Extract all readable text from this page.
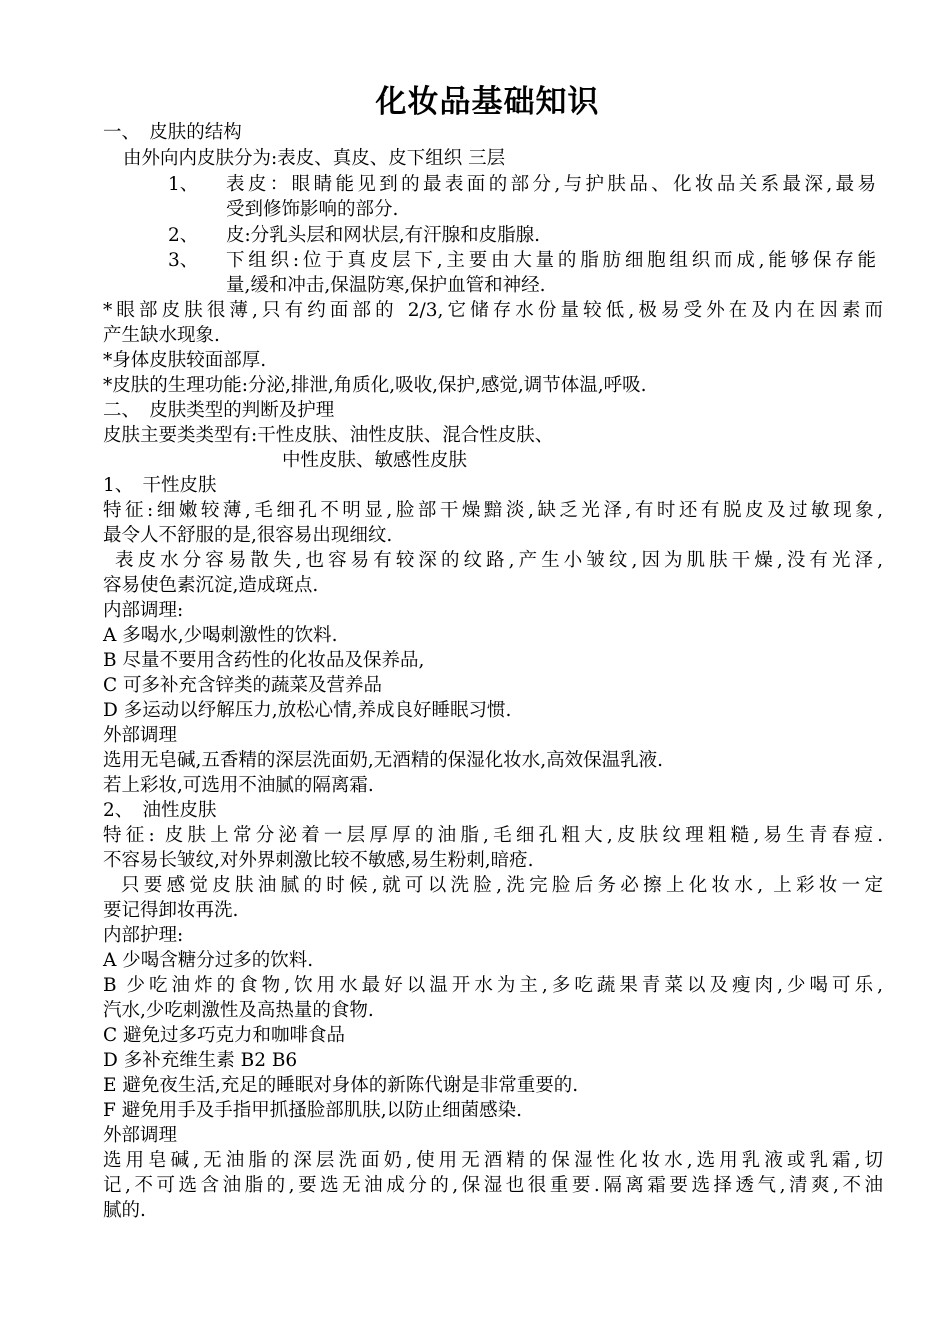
化妆品基础知识
一、　皮肤的结构
由外向内皮肤分为:表皮、真皮、皮下组织 三层
1、	表皮：眼睛能见到的最表面的部分,与护肤品、化妆品关系最深,最易
受到修饰影响的部分.
2、	皮:分乳头层和网状层,有汗腺和皮脂腺.
3、	下组织:位于真皮层下,主要由大量的脂肪细胞组织而成,能够保存能
量,缓和冲击,保温防寒,保护血管和神经.
*眼部皮肤很薄,只有约面部的 2/3,它储存水份量较低,极易受外在及内在因素而
产生缺水现象.
*身体皮肤较面部厚.
*皮肤的生理功能:分泌,排泄,角质化,吸收,保护,感觉,调节体温,呼吸.
二、　皮肤类型的判断及护理
皮肤主要类类型有:干性皮肤、油性皮肤、混合性皮肤、
中性皮肤、敏感性皮肤
1、　干性皮肤
特征:细嫩较薄,毛细孔不明显,脸部干燥黯淡,缺乏光泽,有时还有脱皮及过敏现象,
最令人不舒服的是,很容易出现细纹.
表皮水分容易散失,也容易有较深的纹路,产生小皱纹,因为肌肤干燥,没有光泽,
容易使色素沉淀,造成斑点.
内部调理:
A 多喝水,少喝刺激性的饮料.
B 尽量不要用含药性的化妆品及保养品,
C 可多补充含锌类的蔬菜及营养品
D 多运动以纾解压力,放松心情,养成良好睡眠习惯.
外部调理
选用无皂碱,五香精的深层洗面奶,无酒精的保湿化妆水,高效保温乳液.
若上彩妆,可选用不油腻的隔离霜.
2、　油性皮肤
特征: 皮肤上常分泌着一层厚厚的油脂,毛细孔粗大,皮肤纹理粗糙,易生青春痘.
不容易长皱纹,对外界刺激比较不敏感,易生粉刺,暗疮.
只要感觉皮肤油腻的时候,就可以洗脸,洗完脸后务必擦上化妆水, 上彩妆一定
要记得卸妆再洗.
内部护理:
A 少喝含糖分过多的饮料.
B 少吃油炸的食物,饮用水最好以温开水为主,多吃蔬果青菜以及瘦肉,少喝可乐,
汽水,少吃刺激性及高热量的食物.
C 避免过多巧克力和咖啡食品
D 多补充维生素 B2 B6
E 避免夜生活,充足的睡眠对身体的新陈代谢是非常重要的.
F 避免用手及手指甲抓搔脸部肌肤,以防止细菌感染.
外部调理
选用皂碱,无油脂的深层洗面奶,使用无酒精的保湿性化妆水,选用乳液或乳霜,切
记,不可选含油脂的,要选无油成分的,保湿也很重要.隔离霜要选择透气,清爽,不油
腻的.
